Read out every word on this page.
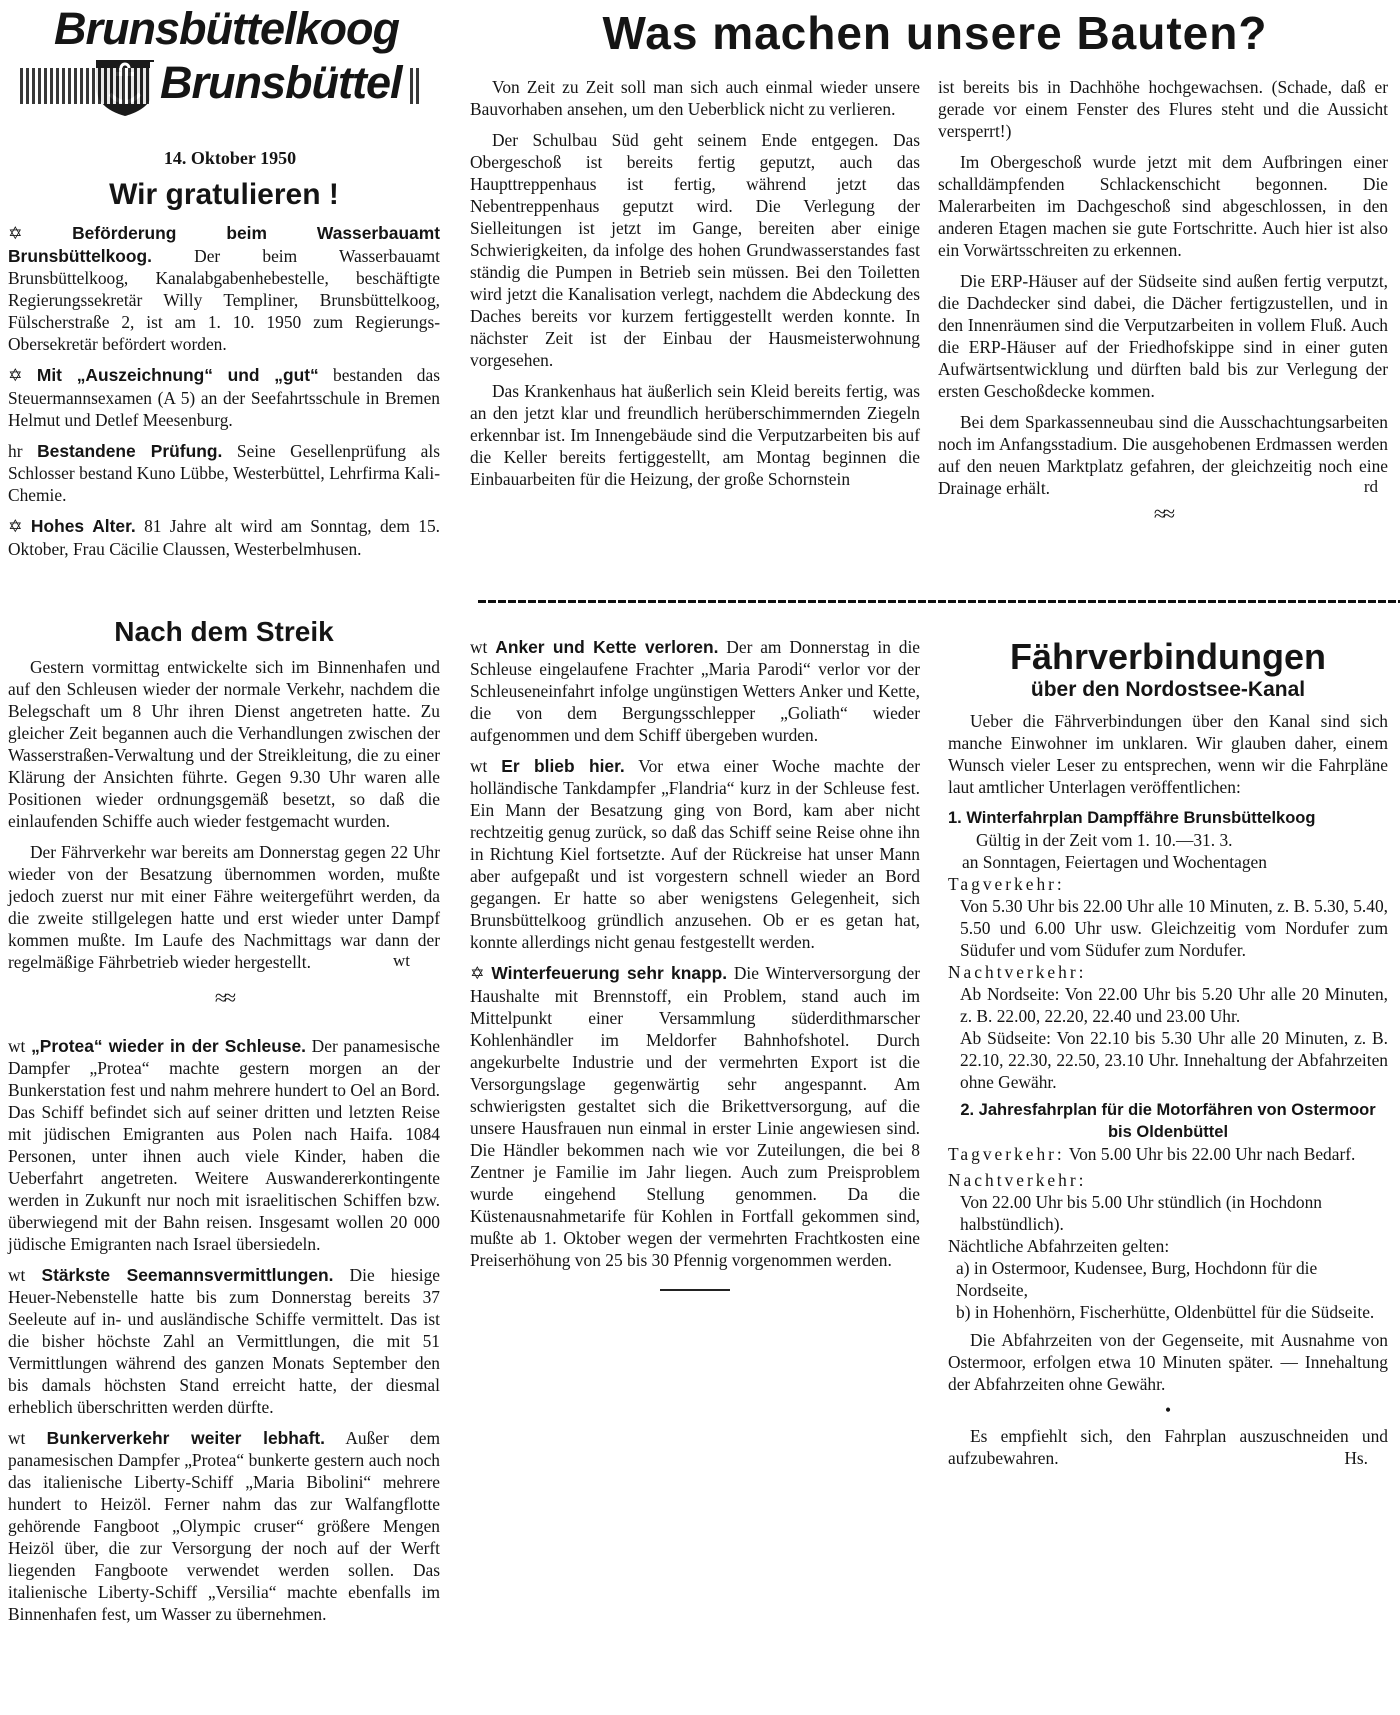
Brunsbüttelkoog
Brunsbüttel
14. Oktober 1950
Wir gratulieren !

✡	Beförderung beim Wasserbauamt Brunsbüttelkoog. Der beim Wasserbauamt Brunsbüttelkoog, Kanalabgabenhebestelle, beschäftigte Regierungssekretär Willy Templiner, Brunsbüttelkoog, Fülscherstraße 2, ist am 1. 10. 1950 zum Regierungs-Obersekretär befördert worden.

✡ Mit „Auszeichnung“ und „gut“ bestanden das Steuermannsexamen (A 5) an der Seefahrtsschule in Bremen Helmut und Detlef Meesenburg.

hr Bestandene Prüfung. Seine Gesellenprüfung als Schlosser bestand Kuno Lübbe, Westerbüttel, Lehrfirma Kali-Chemie.

✡ Hohes Alter. 81 Jahre alt wird am Sonntag, dem 15. Oktober, Frau Cäcilie Claussen, Westerbelmhusen.

Was machen unsere Bauten?

Von Zeit zu Zeit soll man sich auch einmal wieder unsere Bauvorhaben ansehen, um den Ueberblick nicht zu verlieren.

Der Schulbau Süd geht seinem Ende entgegen. Das Obergeschoß ist bereits fertig geputzt, auch das Haupttreppenhaus ist fertig, während jetzt das Nebentreppenhaus geputzt wird. Die Verlegung der Sielleitungen ist jetzt im Gange, bereiten aber einige Schwierigkeiten, da infolge des hohen Grundwasserstandes fast ständig die Pumpen in Betrieb sein müssen. Bei den Toiletten wird jetzt die Kanalisation verlegt, nachdem die Abdeckung des Daches bereits vor kurzem fertiggestellt werden konnte. In nächster Zeit ist der Einbau der Hausmeisterwohnung vorgesehen.

Das Krankenhaus hat äußerlich sein Kleid bereits fertig, was an den jetzt klar und freundlich herüberschimmernden Ziegeln erkennbar ist. Im Innengebäude sind die Verputzarbeiten bis auf die Keller bereits fertiggestellt, am Montag beginnen die Einbauarbeiten für die Heizung, der große Schornstein

ist bereits bis in Dachhöhe hochgewachsen. (Schade, daß er gerade vor einem Fenster des Flures steht und die Aussicht versperrt!)

Im Obergeschoß wurde jetzt mit dem Aufbringen einer schalldämpfenden Schlackenschicht begonnen. Die Malerarbeiten im Dachgeschoß sind abgeschlossen, in den anderen Etagen machen sie gute Fortschritte. Auch hier ist also ein Vorwärtsschreiten zu erkennen.

Die ERP-Häuser auf der Südseite sind außen fertig verputzt, die Dachdecker sind dabei, die Dächer fertigzustellen, und in den Innenräumen sind die Verputzarbeiten in vollem Fluß. Auch die ERP-Häuser auf der Friedhofskippe sind in einer guten Aufwärtsentwicklung und dürften bald bis zur Verlegung der ersten Geschoßdecke kommen.

Bei dem Sparkassenneubau sind die Ausschachtungsarbeiten noch im Anfangsstadium. Die ausgehobenen Erdmassen werden auf den neuen Marktplatz gefahren, der gleichzeitig noch eine Drainage erhält.	rd
≈≈
Nach dem Streik

Gestern vormittag entwickelte sich im Binnenhafen und auf den Schleusen wieder der normale Verkehr, nachdem die Belegschaft um 8 Uhr ihren Dienst angetreten hatte. Zu gleicher Zeit begannen auch die Verhandlungen zwischen der Wasserstraßen-Verwaltung und der Streikleitung, die zu einer Klärung der Ansichten führte. Gegen 9.30 Uhr waren alle Positionen wieder ordnungsgemäß besetzt, so daß die einlaufenden Schiffe auch wieder festgemacht wurden.

Der Fährverkehr war bereits am Donnerstag gegen 22 Uhr wieder von der Besatzung übernommen worden, mußte jedoch zuerst nur mit einer Fähre weitergeführt werden, da die zweite stillgelegen hatte und erst wieder unter Dampf kommen mußte. Im Laufe des Nachmittags war dann der regelmäßige Fährbetrieb wieder hergestellt.	wt
≈≈

wt „Protea“ wieder in der Schleuse. Der panamesische Dampfer „Protea“ machte gestern morgen an der Bunkerstation fest und nahm mehrere hundert to Oel an Bord. Das Schiff befindet sich auf seiner dritten und letzten Reise mit jüdischen Emigranten aus Polen nach Haifa. 1084 Personen, unter ihnen auch viele Kinder, haben die Ueberfahrt angetreten. Weitere Auswandererkontingente werden in Zukunft nur noch mit israelitischen Schiffen bzw. überwiegend mit der Bahn reisen. Insgesamt wollen 20 000 jüdische Emigranten nach Israel übersiedeln.

wt Stärkste Seemannsvermittlungen. Die hiesige Heuer-Nebenstelle hatte bis zum Donnerstag bereits 37 Seeleute auf in- und ausländische Schiffe vermittelt. Das ist die bisher höchste Zahl an Vermittlungen, die mit 51 Vermittlungen während des ganzen Monats September den bis damals höchsten Stand erreicht hatte, der diesmal erheblich überschritten werden dürfte.

wt Bunkerverkehr weiter lebhaft. Außer dem panamesischen Dampfer „Protea“ bunkerte gestern auch noch das italienische Liberty-Schiff „Maria Bibolini“ mehrere hundert to Heizöl. Ferner nahm das zur Walfangflotte gehörende Fangboot „Olympic cruser“ größere Mengen Heizöl über, die zur Versorgung der noch auf der Werft liegenden Fangboote verwendet werden sollen. Das italienische Liberty-Schiff „Versilia“ machte ebenfalls im Binnenhafen fest, um Wasser zu übernehmen.

wt Anker und Kette verloren. Der am Donnerstag in die Schleuse eingelaufene Frachter „Maria Parodi“ verlor vor der Schleuseneinfahrt infolge ungünstigen Wetters Anker und Kette, die von dem Bergungsschlepper „Goliath“ wieder aufgenommen und dem Schiff übergeben wurden.

wt Er blieb hier. Vor etwa einer Woche machte der holländische Tankdampfer „Flandria“ kurz in der Schleuse fest. Ein Mann der Besatzung ging von Bord, kam aber nicht rechtzeitig genug zurück, so daß das Schiff seine Reise ohne ihn in Richtung Kiel fortsetzte. Auf der Rückreise hat unser Mann aber aufgepaßt und ist vorgestern schnell wieder an Bord gegangen. Er hatte so aber wenigstens Gelegenheit, sich Brunsbüttelkoog gründlich anzusehen. Ob er es getan hat, konnte allerdings nicht genau festgestellt werden.

✡ Winterfeuerung sehr knapp. Die Winterversorgung der Haushalte mit Brennstoff, ein Problem, stand auch im Mittelpunkt einer Versammlung süderdithmarscher Kohlenhändler im Meldorfer Bahnhofshotel. Durch angekurbelte Industrie und der vermehrten Export ist die Versorgungslage gegenwärtig sehr angespannt. Am schwierigsten gestaltet sich die Brikettversorgung, auf die unsere Hausfrauen nun einmal in erster Linie angewiesen sind. Die Händler bekommen nach wie vor Zuteilungen, die bei 8 Zentner je Familie im Jahr liegen. Auch zum Preisproblem wurde eingehend Stellung genommen. Da die Küstenausnahmetarife für Kohlen in Fortfall gekommen sind, mußte ab 1. Oktober wegen der vermehrten Frachtkosten eine Preiserhöhung von 25 bis 30 Pfennig vorgenommen werden.

Fährverbindungen
über den Nordostsee-Kanal

Ueber die Fährverbindungen über den Kanal sind sich manche Einwohner im unklaren. Wir glauben daher, einem Wunsch vieler Leser zu entsprechen, wenn wir die Fahrpläne laut amtlicher Unterlagen veröffentlichen:

1. Winterfahrplan Dampffähre Brunsbüttelkoog
Gültig in der Zeit vom 1. 10.—31. 3.
an Sonntagen, Feiertagen und Wochentagen
Tagverkehr:
Von 5.30 Uhr bis 22.00 Uhr alle 10 Minuten, z. B. 5.30, 5.40, 5.50 und 6.00 Uhr usw. Gleichzeitig vom Nordufer zum Südufer und vom Südufer zum Nordufer.
Nachtverkehr:
Ab Nordseite: Von 22.00 Uhr bis 5.20 Uhr alle 20 Minuten, z. B. 22.00, 22.20, 22.40 und 23.00 Uhr.
Ab Südseite: Von 22.10 bis 5.30 Uhr alle 20 Minuten, z. B. 22.10, 22.30, 22.50, 23.10 Uhr. Innehaltung der Abfahrzeiten ohne Gewähr.
2. Jahresfahrplan für die Motorfähren von Ostermoor bis Oldenbüttel
Tagverkehr: Von 5.00 Uhr bis 22.00 Uhr nach Bedarf.
Nachtverkehr:
Von 22.00 Uhr bis 5.00 Uhr stündlich (in Hochdonn halbstündlich).
Nächtliche Abfahrzeiten gelten:
a) in Ostermoor, Kudensee, Burg, Hochdonn für die Nordseite,
b) in Hohenhörn, Fischerhütte, Oldenbüttel für die Südseite.
Die Abfahrzeiten von der Gegenseite, mit Ausnahme von Ostermoor, erfolgen etwa 10 Minuten später. — Innehaltung der Abfahrzeiten ohne Gewähr.
•
Es empfiehlt sich, den Fahrplan auszuschneiden und aufzubewahren.	Hs.
